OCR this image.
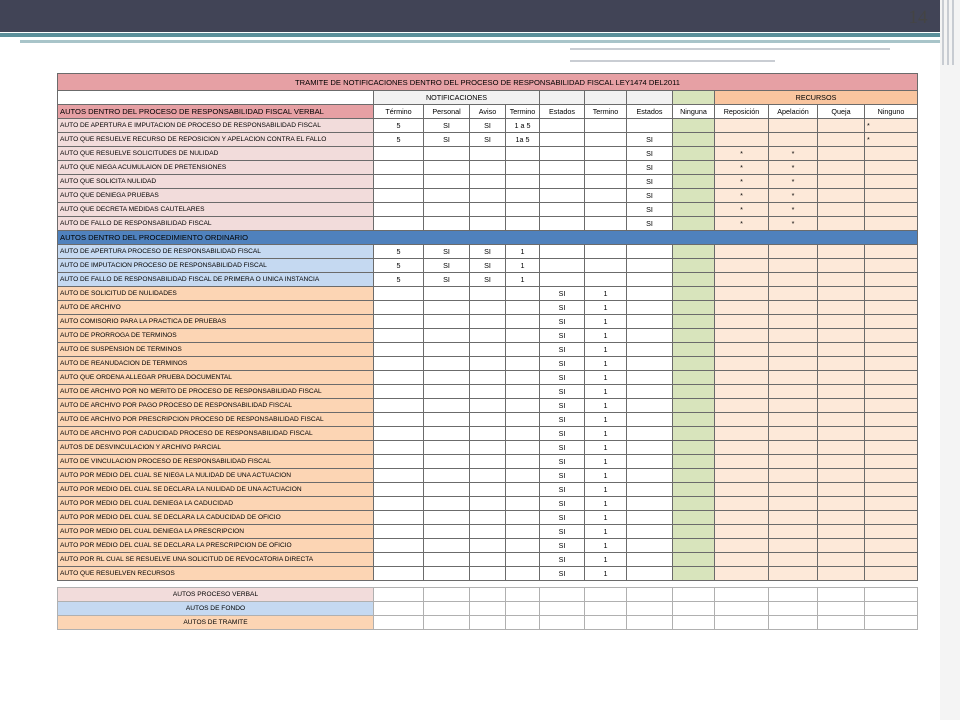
14
TRAMITE DE NOTIFICACIONES DENTRO DEL PROCESO DE RESPONSABILIDAD FISCAL LEY1474 DEL2011												
	NOTIFICACIONES								RECURSOS			
AUTOS DENTRO DEL PROCESO DE RESPONSABILIDAD FISCAL VERBAL	Término	Personal	Aviso	Termino	Estados	Termino	Estados	Ninguna	Reposición	Apelación	Queja	Ninguno
AUTO DE APERTURA E IMPUTACION DE PROCESO DE RESPONSABILIDAD FISCAL	5	SI	SI	1 a 5								*
AUTO QUE RESUELVE RECURSO DE REPOSICION Y APELACION CONTRA EL FALLO	5	SI	SI	1a 5			SI					*
AUTO QUE RESUELVE SOLICITUDES DE NULIDAD							SI		*	*		
AUTO QUE NIEGA ACUMULAION DE PRETENSIONES							SI		*	*		
AUTO QUE SOLICITA NULIDAD							SI		*	*		
AUTO QUE DENIEGA PRUEBAS							SI		*	*		
AUTO QUE DECRETA MEDIDAS CAUTELARES							SI		*	*		
AUTO DE FALLO DE RESPONSABILIDAD FISCAL							SI		*	*		
AUTOS DENTRO DEL PROCEDIMIENTO ORDINARIO												
AUTO DE APERTURA PROCESO DE RESPONSABILIDAD FISCAL	5	SI	SI	1								
AUTO DE IMPUTACION PROCESO DE RESPONSABILIDAD FISCAL	5	SI	SI	1								
AUTO DE FALLO DE RESPONSABILIDAD FISCAL DE PRIMERA O UNICA INSTANCIA	5	SI	SI	1								
AUTO DE SOLICITUD DE NULIDADES					SI	1						
AUTO DE ARCHIVO					SI	1						
AUTO COMISORIO PARA LA PRACTICA DE PRUEBAS					SI	1						
AUTO DE PRORROGA DE TERMINOS					SI	1						
AUTO DE SUSPENSION DE TERMINOS					SI	1						
AUTO DE REANUDACION DE TERMINOS					SI	1						
AUTO QUE ORDENA ALLEGAR PRUEBA DOCUMENTAL					SI	1						
AUTO DE ARCHIVO POR NO MERITO DE PROCESO DE RESPONSABILIDAD FISCAL					SI	1						
AUTO DE ARCHIVO POR PAGO PROCESO DE RESPONSABILIDAD FISCAL					SI	1						
AUTO DE ARCHIVO POR PRESCRIPCION PROCESO DE RESPONSABILIDAD FISCAL					SI	1						
AUTO DE ARCHIVO POR CADUCIDAD PROCESO DE RESPONSABILIDAD FISCAL					SI	1						
AUTOS DE DESVINCULACION Y ARCHIVO PARCIAL					SI	1						
AUTO DE VINCULACION PROCESO DE RESPONSABILIDAD FISCAL					SI	1						
AUTO POR MEDIO DEL CUAL SE NIEGA LA NULIDAD DE UNA ACTUACION					SI	1						
AUTO POR MEDIO DEL CUAL SE DECLARA LA NULIDAD DE UNA ACTUACION					SI	1						
AUTO POR MEDIO DEL CUAL DENIEGA LA CADUCIDAD					SI	1						
AUTO POR MEDIO DEL CUAL SE DECLARA LA CADUCIDAD DE OFICIO					SI	1						
AUTO POR MEDIO DEL CUAL DENIEGA LA PRESCRIPCION					SI	1						
AUTO POR MEDIO DEL CUAL SE DECLARA LA PRESCRIPCION DE OFICIO					SI	1						
AUTO POR RL CUAL SE RESUELVE UNA SOLICITUD DE REVOCATORIA DIRECTA					SI	1						
AUTO QUE RESUELVEN RECURSOS					SI	1						

AUTOS PROCESO VERBAL												
AUTOS DE FONDO												
AUTOS DE TRAMITE												
